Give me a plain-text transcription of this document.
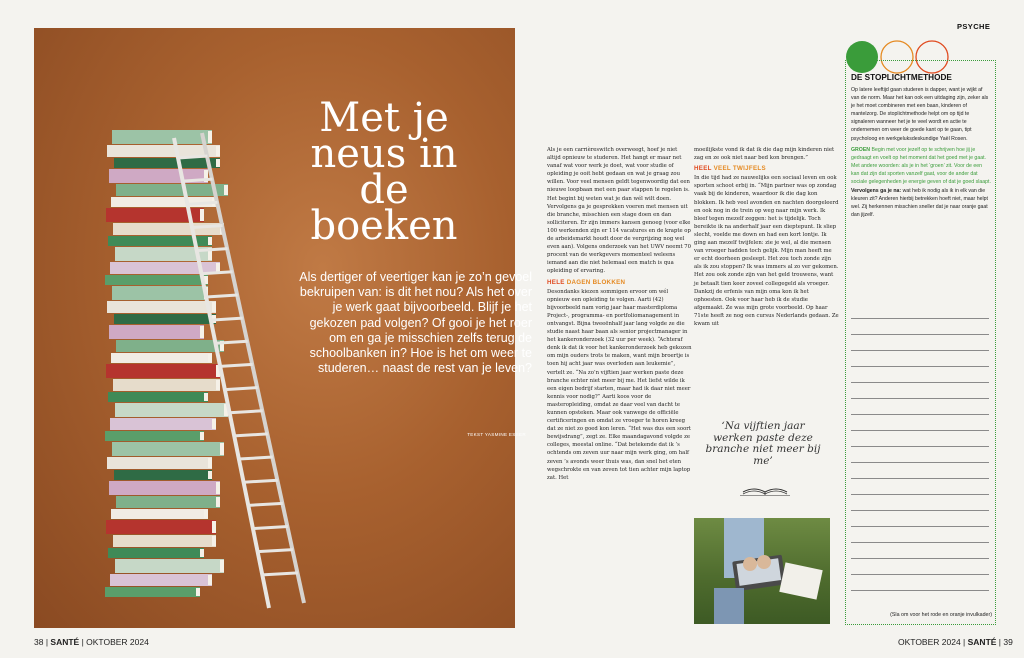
Met je neus in de boeken
Als dertiger of veertiger kan je zo’n gevoel bekruipen van: is dit het nou? Als het over je werk gaat bijvoorbeeld. Blijf je het gekozen pad volgen? Of gooi je het roer om en ga je misschien zelfs terug de schoolbanken in? Hoe is het om weer te studeren… naast de rest van je leven?
TEKST YASMINE ESSER
38 | SANTÉ | OKTOBER 2024
PSYCHE

Als je een carrièreswitch overweegt, hoef je niet altijd opnieuw te studeren. Het hangt er maar net vanaf wat voor werk je doet, wat voor studie of opleiding je ooit hebt gedaan en wat je graag zou willen. Voor veel mensen geldt tegenwoordig dat een nieuwe loopbaan met een paar stappen te regelen is. Het begint bij weten wat je dan wél wilt doen. Vervolgens ga je gesprekken voeren met mensen uit die branche, misschien een stage doen en dan solliciteren. Er zijn immers kansen genoeg (voor elke 100 werkenden zijn er 114 vacatures en de krapte op de arbeidsmarkt houdt door de vergrijzing nog wel even aan). Volgens onderzoek van het UWV neemt 70 procent van de werkgevers momenteel weleens iemand aan die niet helemaal een match is qua opleiding of ervaring.

HELE DAGEN BLOKKEN

Desondanks kiezen sommigen ervoor om wél opnieuw een opleiding te volgen. Aarti (42) bijvoorbeeld nam vorig jaar haar masterdiploma Project-, programma- en portfoliomanagement in ontvangst. Bijna tweeënhalf jaar lang volgde ze die studie naast haar baan als senior projectmanager in het kankeronderzoek (32 uur per week). “Achteraf denk ik dat ik voor het kankeronderzoek heb gekozen om mijn ouders trots te maken, want mijn broertje is toen hij acht jaar was overleden aan leukemie”, vertelt ze. “Na zo’n vijftien jaar werken paste deze branche echter niet meer bij me. Het liefst wilde ik een eigen bedrijf starten, maar had ik daar niet meer kennis voor nodig?” Aarti koos voor de masteropleiding, omdat ze daar veel van dacht te kunnen opsteken. Maar ook vanwege de officiële certificeringen en omdat ze vroeger te horen kreeg dat ze niet zo goed kon leren. “Het was dus een soort bewijsdrang”, zegt ze. Elke maandagavond volgde ze colleges, meestal online. “Dat betekende dat ik ’s ochtends om zeven uur naar mijn werk ging, om half zeven ’s avonds weer thuis was, dan snel het eten wegschrokte en van zeven tot tien achter mijn laptop zat. Het

moeilijkste vond ik dat ik die dag mijn kinderen niet zag en ze ook niet naar bed kon brengen.”

HEEL VEEL TWIJFELS

In die tijd had ze nauwelijks een sociaal leven en ook sporten schoot erbij in. “Mijn partner was op zondag vaak bij de kinderen, waardoor ik die dag kon blokken. Ik heb veel avonden en nachten doorgeleerd en ook nog in de trein op weg naar mijn werk. Ik bleef tegen mezelf zeggen: het is tijdelijk. Toch bereikte ik na anderhalf jaar een dieptepunt. Ik sliep slecht, voelde me down en had een kort lontje. Ik ging aan mezelf twijfelen: zie je wel, al die mensen van vroeger hadden toch gelijk. Mijn man heeft me er echt doorheen gesleept. Het zou toch zonde zijn als ik zou stoppen? Ik was immers al zo ver gekomen. Het zou ook zonde zijn van het geld trouwens, want je betaalt tien keer zoveel collegegeld als vroeger. Dankzij de erfenis van mijn oma kon ik het ophoesten. Ook voor haar heb ik de studie afgemaakt. Ze was mijn grote voorbeeld. Op haar 71ste heeft ze nog een cursus Nederlands gedaan. Ze kwam uit

‘Na vijftien jaar werken paste deze branche niet meer bij me’
DE STOPLICHTMETHODE

Op latere leeftijd gaan studeren is dapper, want je wijkt af van de norm. Maar het kan ook een uitdaging zijn, zeker als je het moet combineren met een baan, kinderen of mantelzorg. De stoplichtmethode helpt om op tijd te signaleren wanneer het je te veel wordt en actie te ondernemen om weer de goede kant op te gaan, tipt psycholoog en werkgeluksdeskundige Yaël Rosen.

GROEN Begin met voor jezelf op te schrijven hoe jij je gedraagt en voelt op het moment dat het goed met je gaat. Met andere woorden: als je in het ‘groen’ zit. Voor de een kan dat zijn dat sporten vanzelf gaat, voor de ander dat sociale gelegenheden je energie geven of dat je goed slaapt.

Vervolgens ga je na: wat heb ik nodig als ik in elk van die kleuren zit? Anderen hierbij betrekken hoeft niet, maar helpt wel. Zij herkennen misschien sneller dat je naar oranje gaat dan jijzelf.

(Sla om voor het rode en oranje invulkader)
OKTOBER 2024 | SANTÉ | 39
